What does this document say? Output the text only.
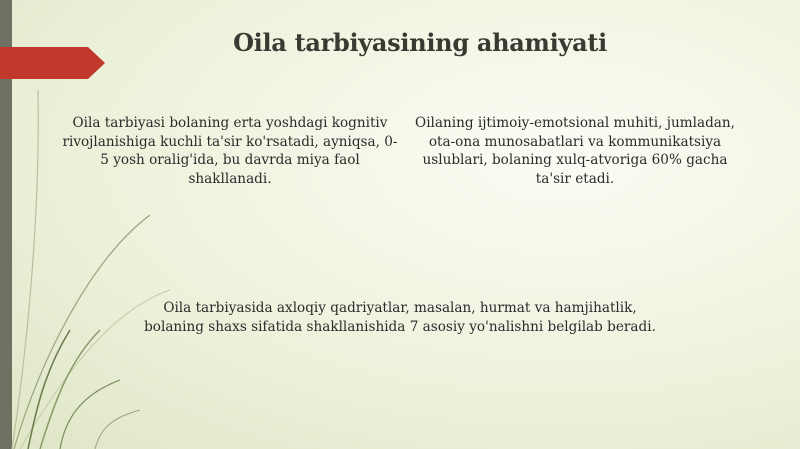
Oila tarbiyasining ahamiyati
Oila tarbiyasi bolaning erta yoshdagi kognitiv rivojlanishiga kuchli ta'sir ko'rsatadi, ayniqsa, 0-5 yosh oralig'ida, bu davrda miya faol shakllanadi.
Oilaning ijtimoiy-emotsional muhiti, jumladan, ota-ona munosabatlari va kommunikatsiya uslublari, bolaning xulq-atvoriga 60% gacha ta'sir etadi.
Oila tarbiyasida axloqiy qadriyatlar, masalan, hurmat va hamjihatlik, bolaning shaxs sifatida shakllanishida 7 asosiy yo'nalishni belgilab beradi.
